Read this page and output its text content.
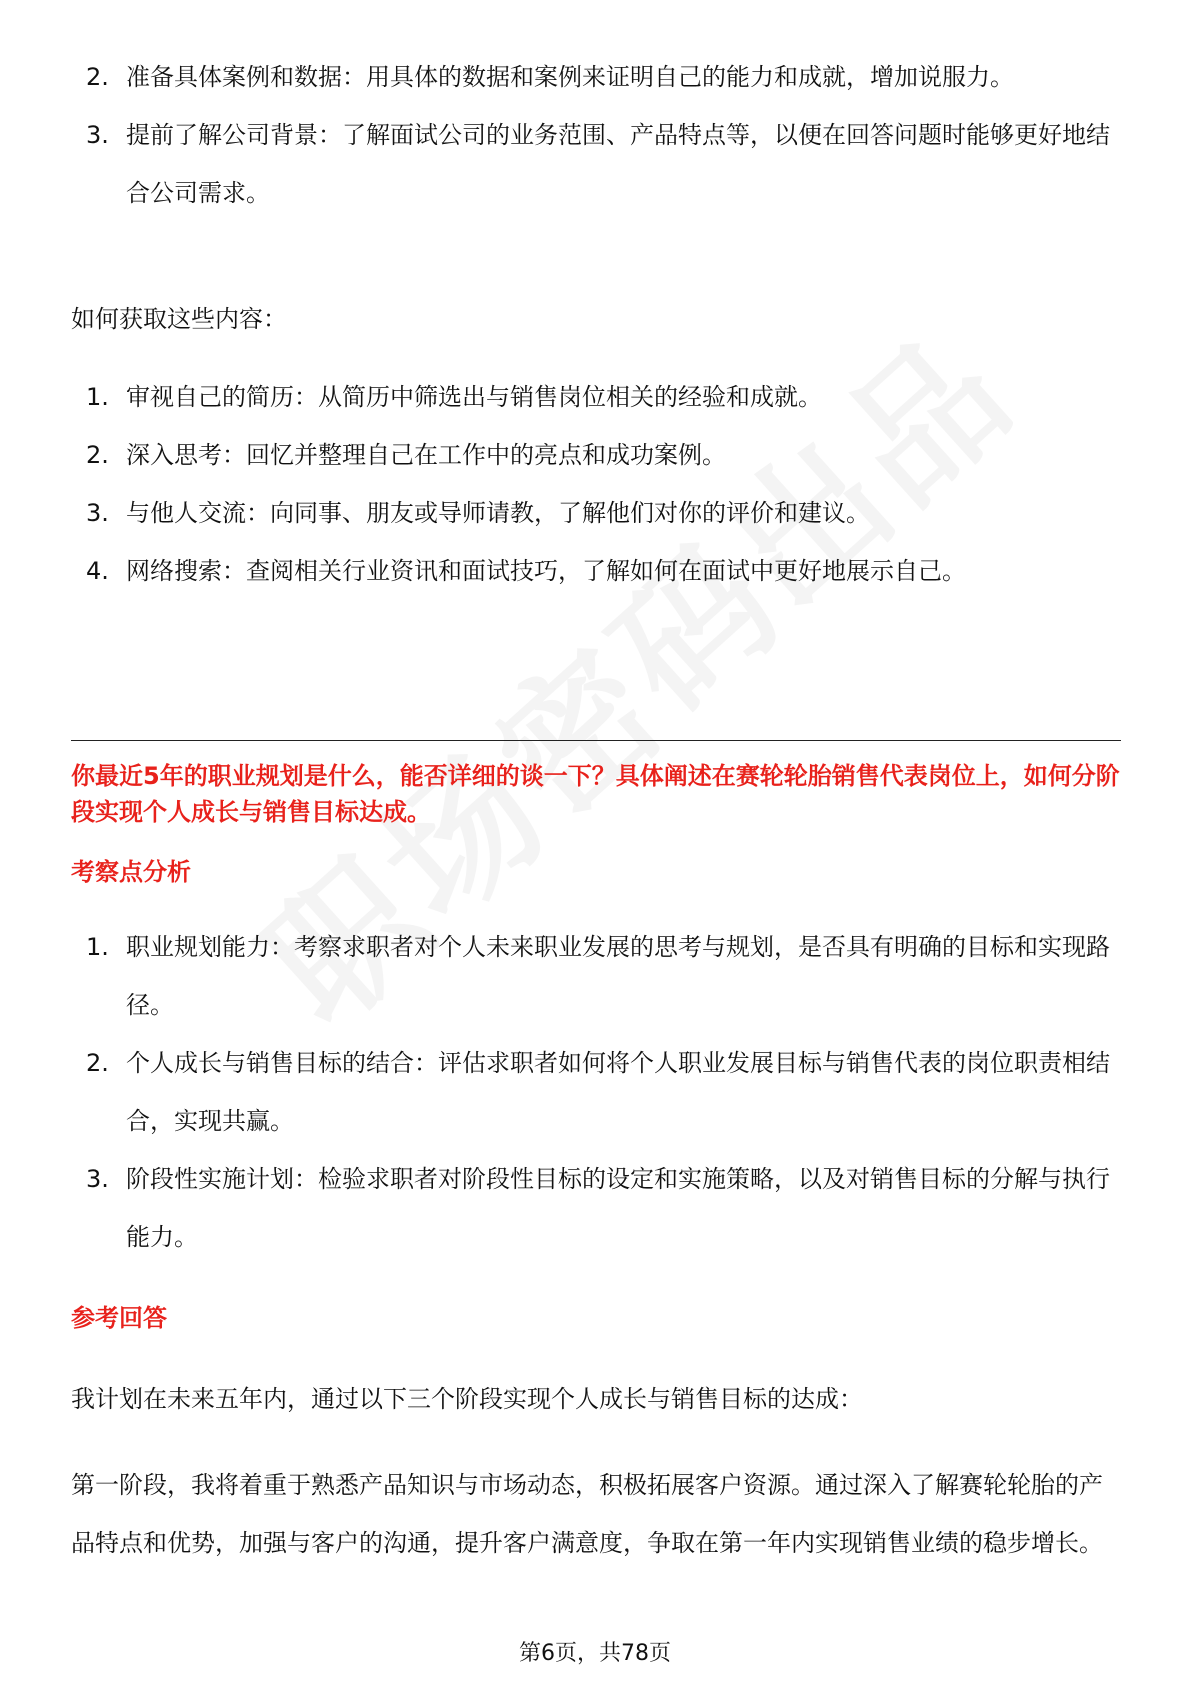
2. 准备具体案例和数据：用具体的数据和案例来证明自己的能力和成就，增加说服力。
3. 提前了解公司背景：了解面试公司的业务范围、产品特点等，以便在回答问题时能够更好地结合公司需求。

如何获取这些内容：

1. 审视自己的简历：从简历中筛选出与销售岗位相关的经验和成就。
2. 深入思考：回忆并整理自己在工作中的亮点和成功案例。
3. 与他人交流：向同事、朋友或导师请教，了解他们对你的评价和建议。
4. 网络搜索：查阅相关行业资讯和面试技巧，了解如何在面试中更好地展示自己。

你最近5年的职业规划是什么，能否详细的谈一下？具体阐述在赛轮轮胎销售代表岗位上，如何分阶段实现个人成长与销售目标达成。

考察点分析

1. 职业规划能力：考察求职者对个人未来职业发展的思考与规划，是否具有明确的目标和实现路径。
2. 个人成长与销售目标的结合：评估求职者如何将个人职业发展目标与销售代表的岗位职责相结合，实现共赢。
3. 阶段性实施计划：检验求职者对阶段性目标的设定和实施策略，以及对销售目标的分解与执行能力。

参考回答

我计划在未来五年内，通过以下三个阶段实现个人成长与销售目标的达成：

第一阶段，我将着重于熟悉产品知识与市场动态，积极拓展客户资源。通过深入了解赛轮轮胎的产品特点和优势，加强与客户的沟通，提升客户满意度，争取在第一年内实现销售业绩的稳步增长。

第6页，共78页
